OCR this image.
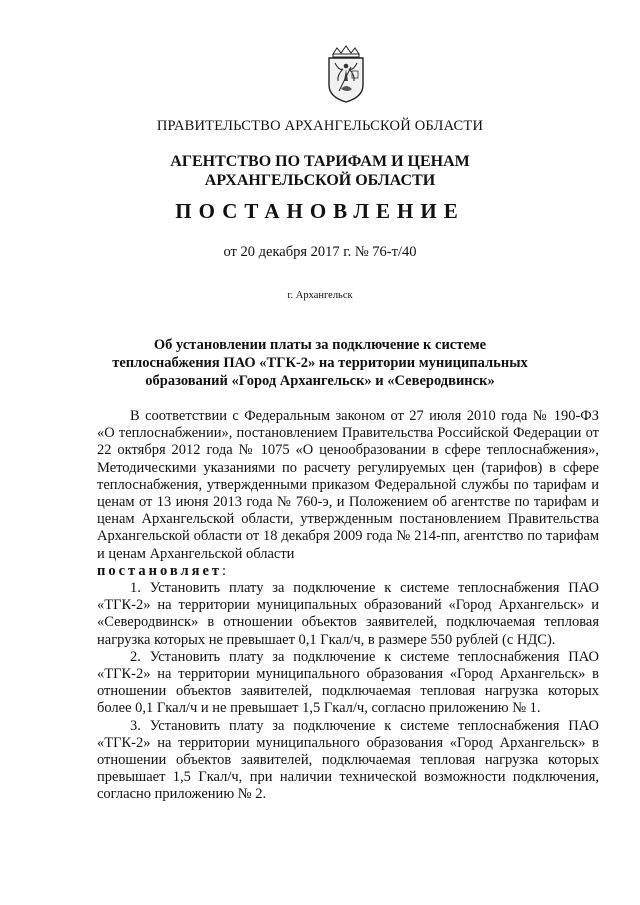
ПРАВИТЕЛЬСТВО АРХАНГЕЛЬСКОЙ ОБЛАСТИ
АГЕНТСТВО ПО ТАРИФАМ И ЦЕНАМ
АРХАНГЕЛЬСКОЙ ОБЛАСТИ
ПОСТАНОВЛЕНИЕ
от 20 декабря 2017 г. № 76-т/40
г. Архангельск
Об установлении платы за подключение к системе
теплоснабжения ПАО «ТГК-2» на территории муниципальных
образований «Город Архангельск» и «Северодвинск»

В соответствии с Федеральным законом от 27 июля 2010 года № 190-ФЗ «О теплоснабжении», постановлением Правительства Российской Федерации от 22 октября 2012 года № 1075 «О ценообразовании в сфере теплоснабжения», Методическими указаниями по расчету регулируемых цен (тарифов) в сфере теплоснабжения, утвержденными приказом Федеральной службы по тарифам и ценам от 13 июня 2013 года № 760-э, и Положением об агентстве по тарифам и ценам Архангельской области, утвержденным постановлением Правительства Архангельской области от 18 декабря 2009 года № 214-пп, агентство по тарифам и ценам Архангельской области

постановляет:

1. Установить плату за подключение к системе теплоснабжения ПАО «ТГК-2» на территории муниципальных образований «Город Архангельск» и «Северодвинск» в отношении объектов заявителей, подключаемая тепловая нагрузка которых не превышает 0,1 Гкал/ч, в размере 550 рублей (с НДС).

2. Установить плату за подключение к системе теплоснабжения ПАО «ТГК-2» на территории муниципального образования «Город Архангельск» в отношении объектов заявителей, подключаемая тепловая нагрузка которых более 0,1 Гкал/ч и не превышает 1,5 Гкал/ч, согласно приложению № 1.

3. Установить плату за подключение к системе теплоснабжения ПАО «ТГК-2» на территории муниципального образования «Город Архангельск» в отношении объектов заявителей, подключаемая тепловая нагрузка которых превышает 1,5 Гкал/ч, при наличии технической возможности подключения, согласно приложению № 2.
